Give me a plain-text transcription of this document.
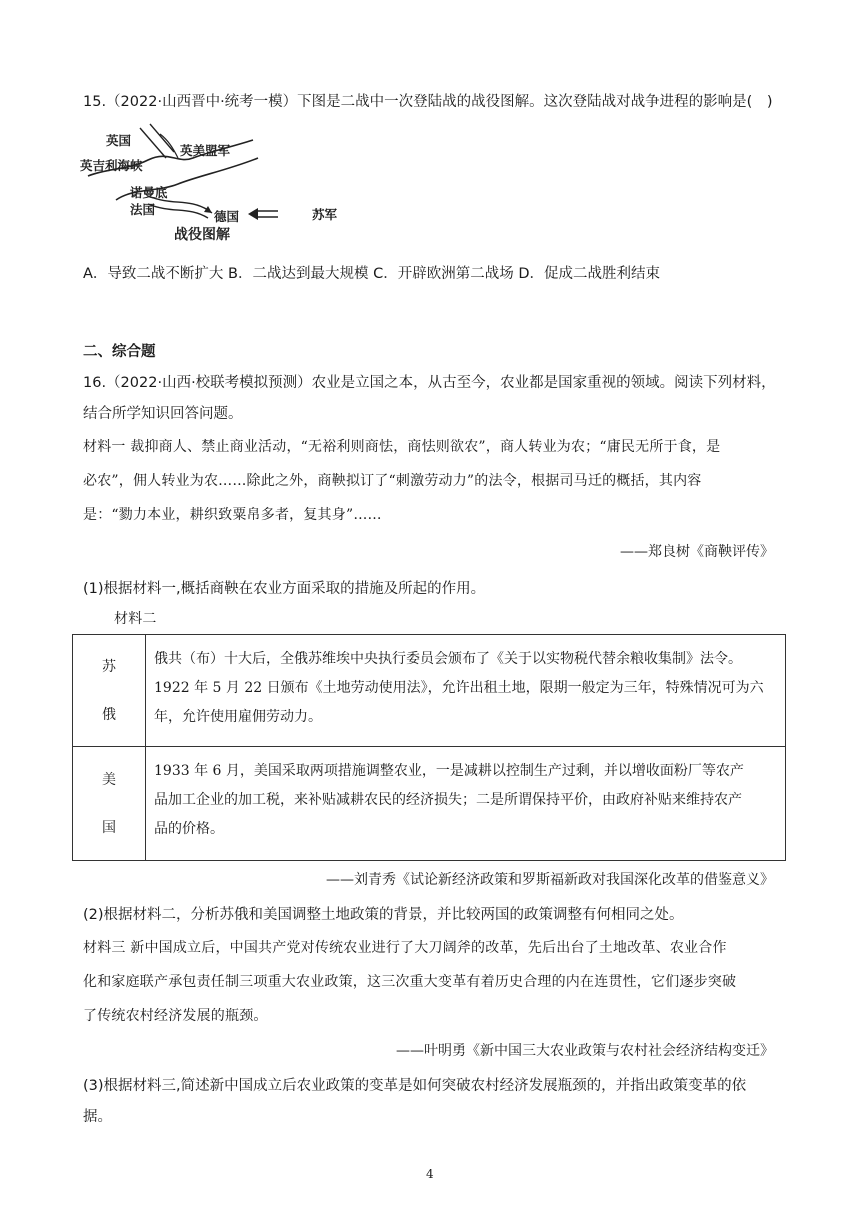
15.（2022·山西晋中·统考一模）下图是二战中一次登陆战的战役图解。这次登陆战对战争进程的影响是(　)
英国
英吉利海峡
英美盟军
诺曼底
法国	德国
战役图解
苏军
A．导致二战不断扩大 B．二战达到最大规模 C．开辟欧洲第二战场 D．促成二战胜利结束
二、综合题
16.（2022·山西·校联考模拟预测）农业是立国之本，从古至今，农业都是国家重视的领域。阅读下列材料，
结合所学知识回答问题。
材料一 裁抑商人、禁止商业活动，“无裕利则商怯，商怯则欲农”，商人转业为农；“庸民无所于食，是
必农”，佣人转业为农……除此之外，商鞅拟订了“刺激劳动力”的法令，根据司马迁的概括，其内容
是：“勠力本业，耕织致粟帛多者，复其身”……
——郑良树《商鞅评传》
(1)根据材料一,概括商鞅在农业方面采取的措施及所起的作用。
材料二
苏
俄	俄共（布）十大后，全俄苏维埃中央执行委员会颁布了《关于以实物税代替余粮收集制》法令。
1922 年 5 月 22 日颁布《土地劳动使用法》，允许出租土地，限期一般定为三年，特殊情况可为六
年，允许使用雇佣劳动力。

美
国	1933 年 6 月，美国采取两项措施调整农业，一是减耕以控制生产过剩，并以增收面粉厂等农产
品加工企业的加工税，来补贴减耕农民的经济损失；二是所谓保持平价，由政府补贴来维持农产
品的价格。
——刘青秀《试论新经济政策和罗斯福新政对我国深化改革的借鉴意义》
(2)根据材料二，分析苏俄和美国调整土地政策的背景，并比较两国的政策调整有何相同之处。
材料三 新中国成立后，中国共产党对传统农业进行了大刀阔斧的改革，先后出台了土地改革、农业合作
化和家庭联产承包责任制三项重大农业政策，这三次重大变革有着历史合理的内在连贯性，它们逐步突破
了传统农村经济发展的瓶颈。
——叶明勇《新中国三大农业政策与农村社会经济结构变迁》
(3)根据材料三,简述新中国成立后农业政策的变革是如何突破农村经济发展瓶颈的，并指出政策变革的依
据。
4
